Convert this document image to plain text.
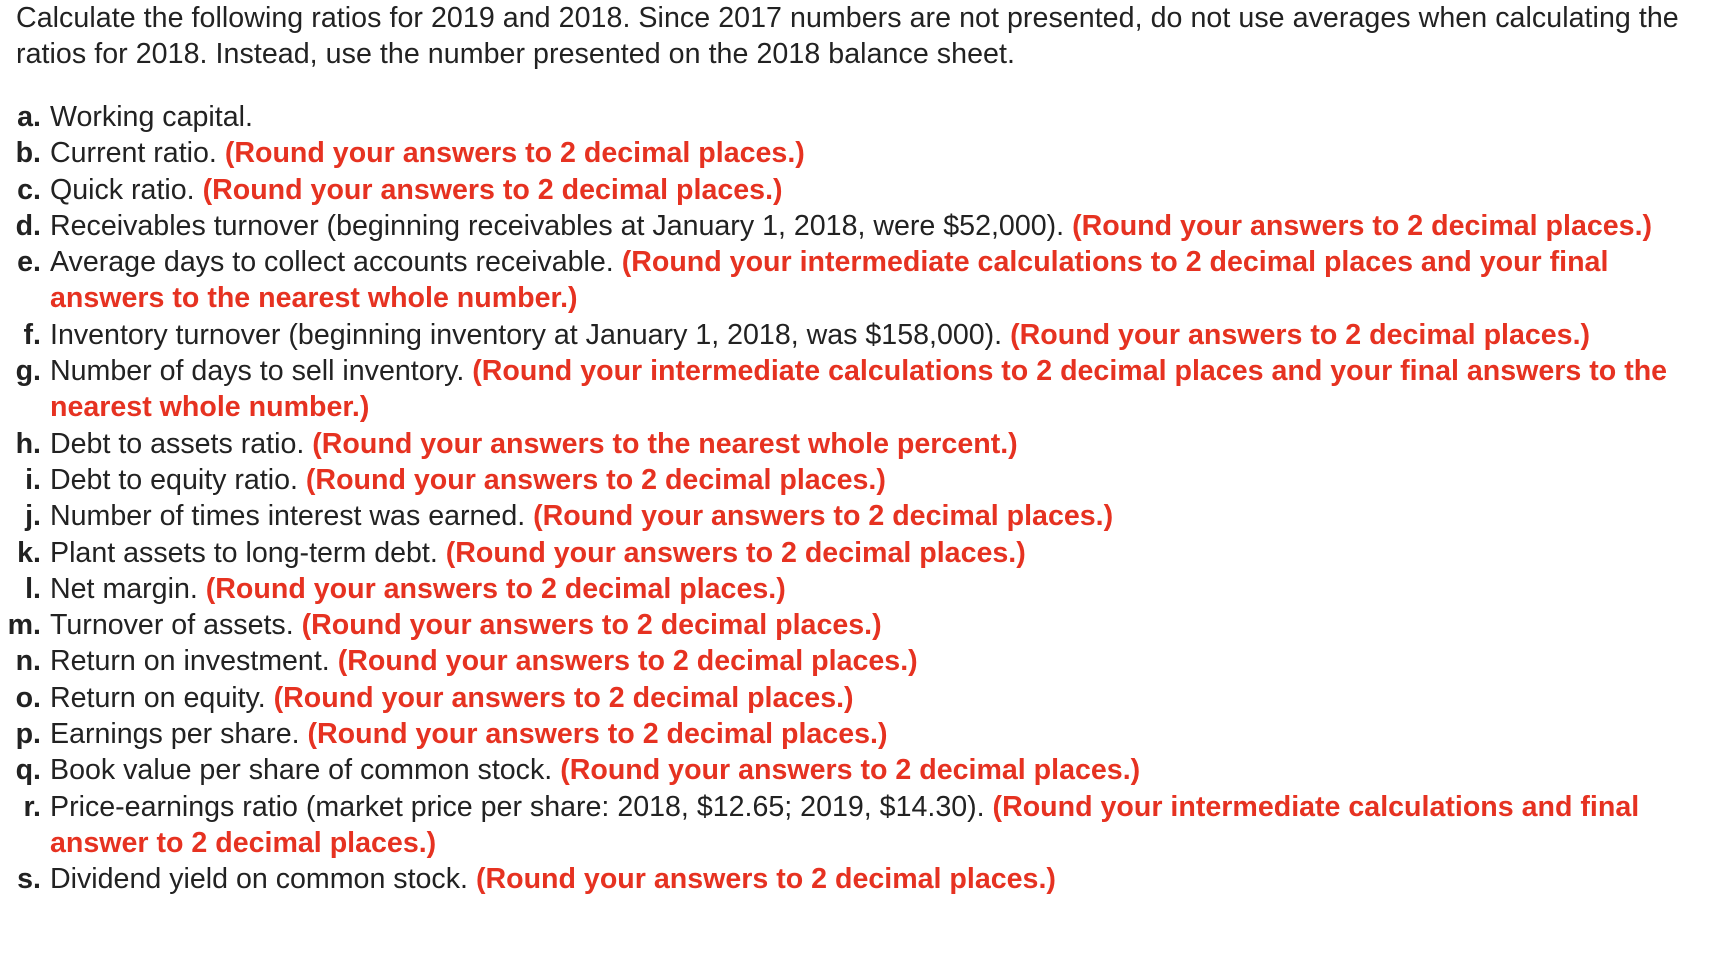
Calculate the following ratios for 2019 and 2018. Since 2017 numbers are not presented, do not use averages when calculating the ratios for 2018. Instead, use the number presented on the 2018 balance sheet.

a. Working capital.
b. Current ratio. (Round your answers to 2 decimal places.)
c. Quick ratio. (Round your answers to 2 decimal places.)
d. Receivables turnover (beginning receivables at January 1, 2018, were $52,000). (Round your answers to 2 decimal places.)
e. Average days to collect accounts receivable. (Round your intermediate calculations to 2 decimal places and your final answers to the nearest whole number.)
f. Inventory turnover (beginning inventory at January 1, 2018, was $158,000). (Round your answers to 2 decimal places.)
g. Number of days to sell inventory. (Round your intermediate calculations to 2 decimal places and your final answers to the nearest whole number.)
h. Debt to assets ratio. (Round your answers to the nearest whole percent.)
i. Debt to equity ratio. (Round your answers to 2 decimal places.)
j. Number of times interest was earned. (Round your answers to 2 decimal places.)
k. Plant assets to long-term debt. (Round your answers to 2 decimal places.)
l. Net margin. (Round your answers to 2 decimal places.)
m. Turnover of assets. (Round your answers to 2 decimal places.)
n. Return on investment. (Round your answers to 2 decimal places.)
o. Return on equity. (Round your answers to 2 decimal places.)
p. Earnings per share. (Round your answers to 2 decimal places.)
q. Book value per share of common stock. (Round your answers to 2 decimal places.)
r. Price-earnings ratio (market price per share: 2018, $12.65; 2019, $14.30). (Round your intermediate calculations and final answer to 2 decimal places.)
s. Dividend yield on common stock. (Round your answers to 2 decimal places.)
